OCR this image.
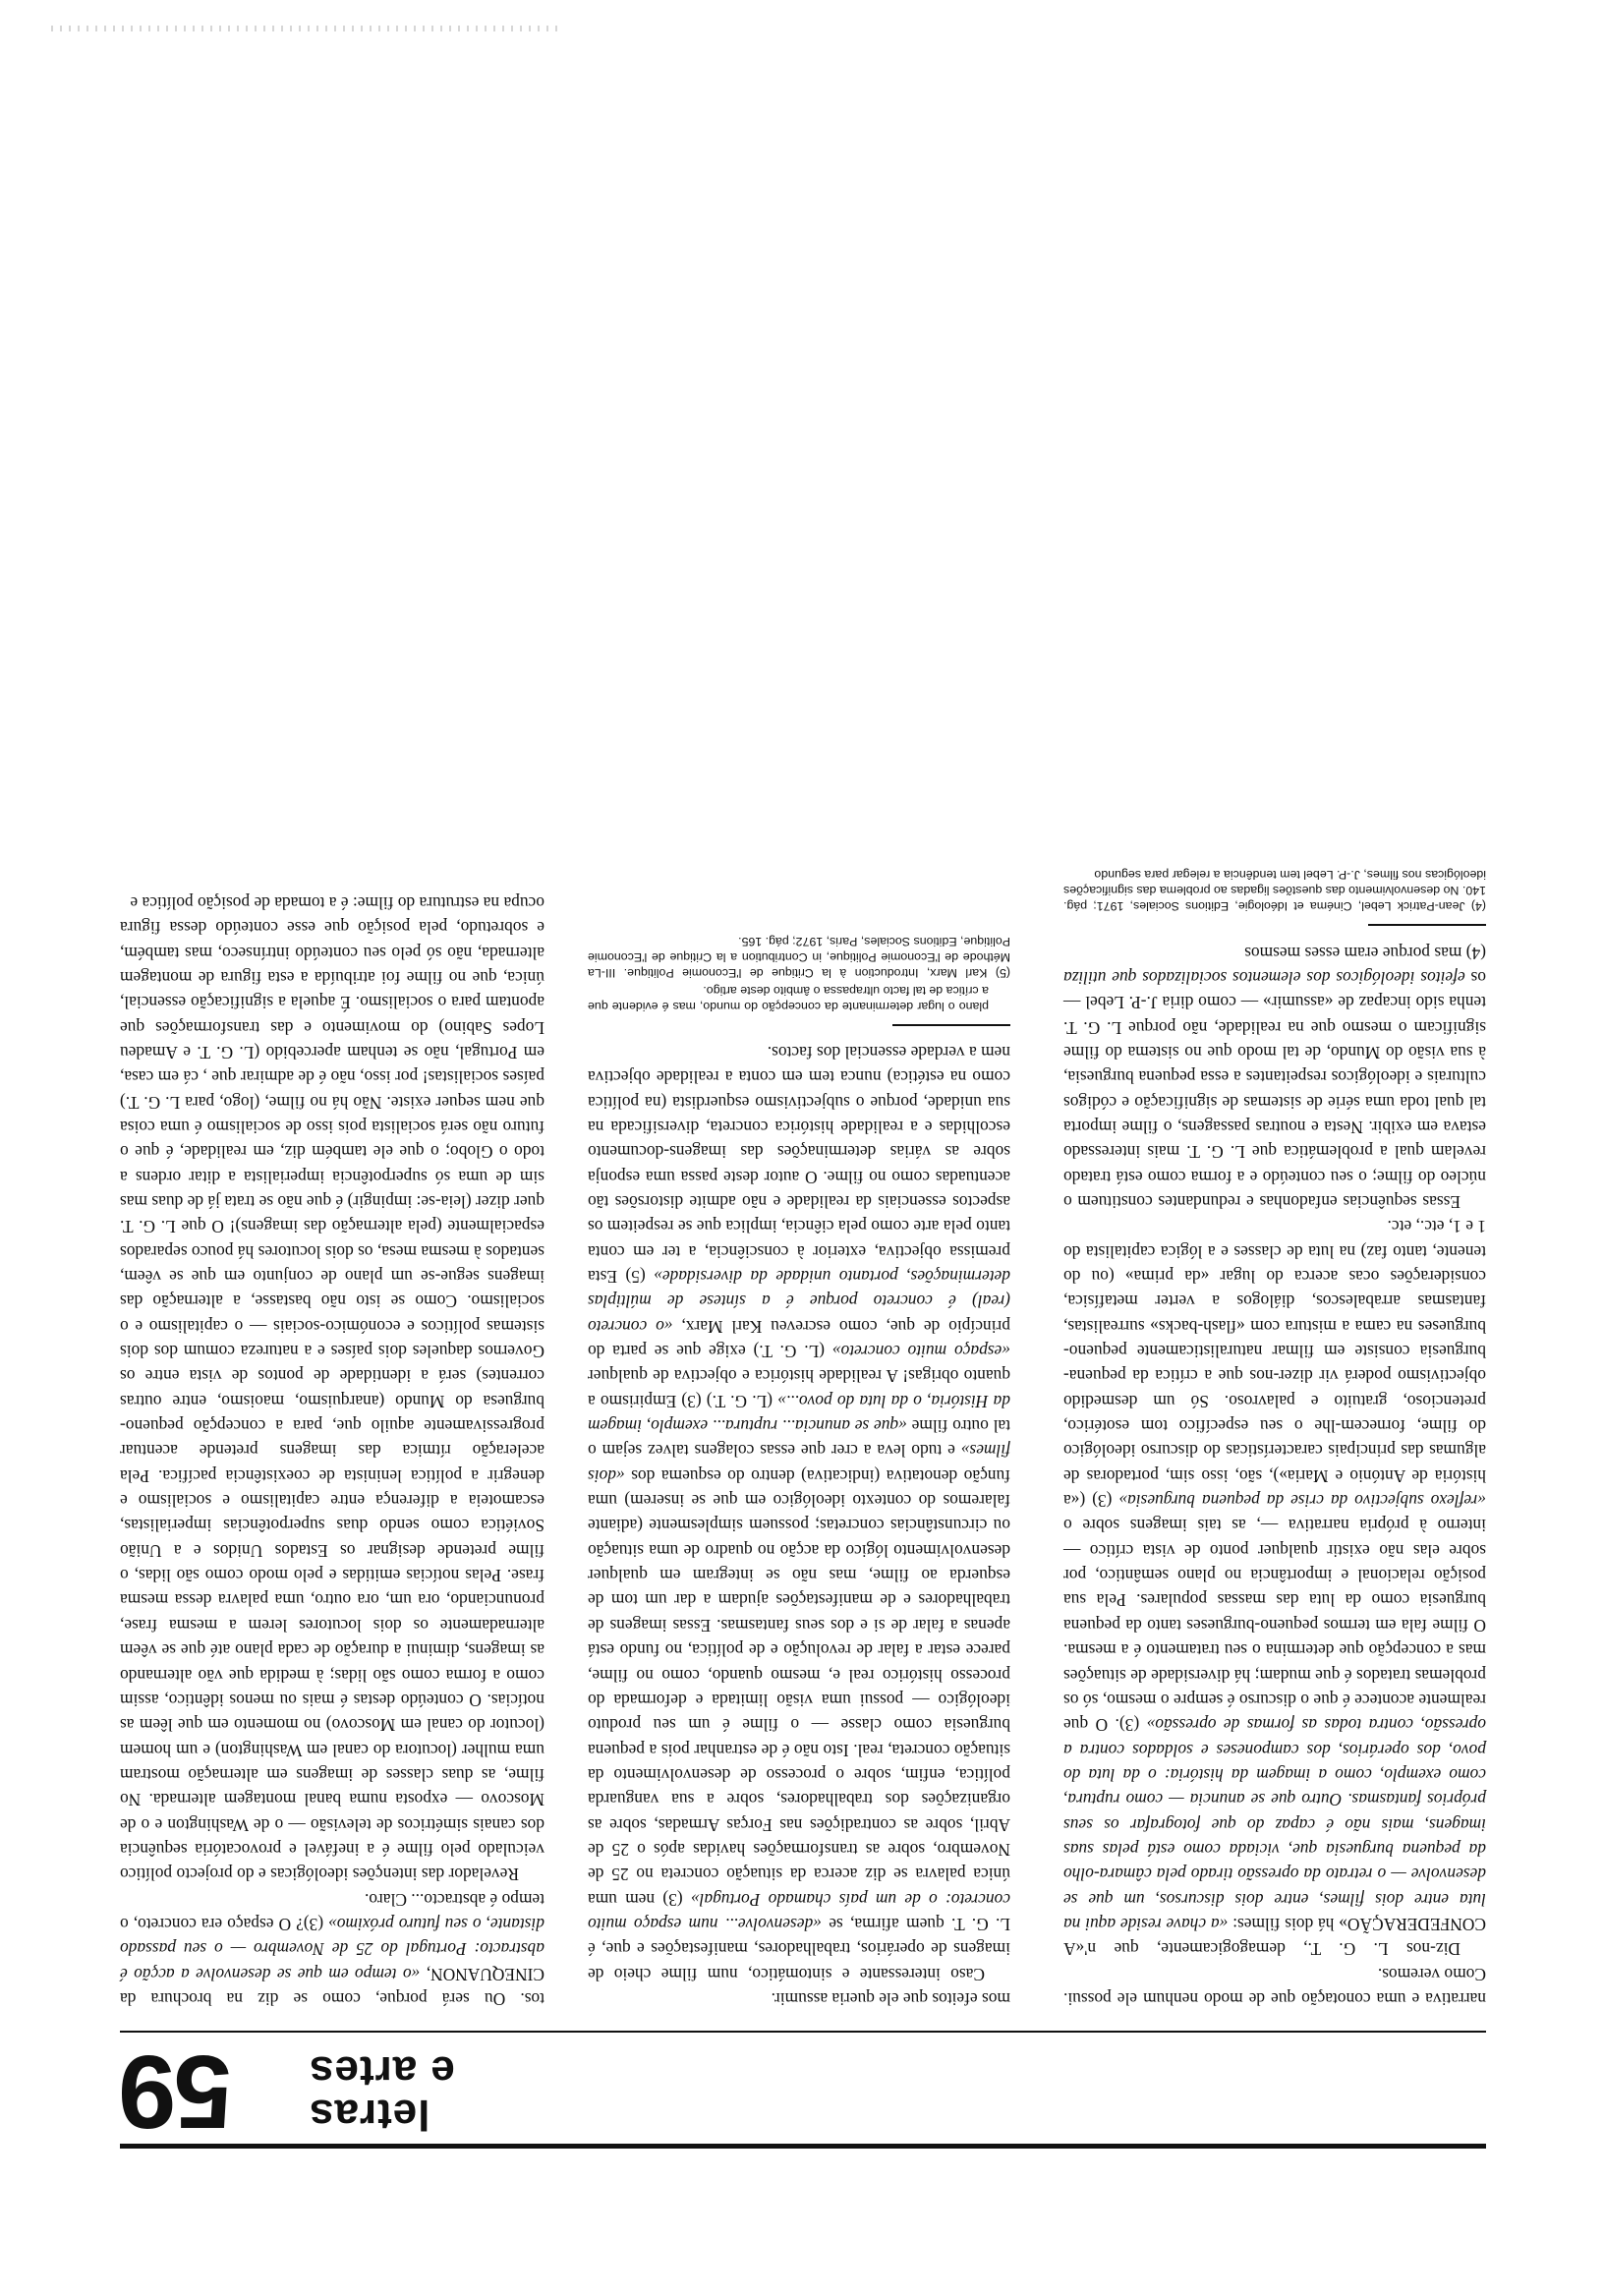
letras
e artes
59

narrativa e uma conotação que de modo nenhum ele possui. Como veremos.

Diz-nos L. G. T., demagogicamente, que n'«A CONFEDERAÇÃO» há dois filmes: «a chave reside aqui na luta entre dois filmes, entre dois discursos, um que se desenvolve — o retrato da opressão tirado pela câmara-olho da pequena burguesia que, viciada como está pelas suas imagens, mais não é capaz do que fotografar os seus próprios fantasmas. Outro que se anuncia — como ruptura, como exemplo, como a imagem da história: o da luta do povo, dos operários, dos camponeses e soldados contra a opressão, contra todas as formas de opressão» (3). O que realmente acontece é que o discurso é sempre o mesmo, só os problemas tratados é que mudam; há diversidade de situações mas a concepção que determina o seu tratamento é a mesma. O filme fala em termos pequeno-burgueses tanto da pequena burguesia como da luta das massas populares. Pela sua posição relacional e importância no plano semântico, por sobre elas não existir qualquer ponto de vista crítico — interno à própria narrativa —, as tais imagens sobre o «reflexo subjectivo da crise da pequena burguesia» (3) («a história de António e Maria»), são, isso sim, portadoras de algumas das principais características do discurso ideológico do filme, fornecem-lhe o seu específico tom esotérico, pretencioso, gratuito e palavroso. Só um desmedido objectivismo poderá vir dizer-nos que a crítica da pequena-burguesia consiste em filmar naturalisticamente pequeno-burgueses na cama a mistura com «flash-backs» surrealistas, fantasmas arrabalescos, diálogos a verter metafísica, considerações ocas acerca do lugar «da prima» (ou do tenente, tanto faz) na luta de classes e a lógica capitalista do 1 e 1, etc., etc.

Essas sequências enfadonhas e redundantes constituem o núcleo do filme; o seu conteúdo e a forma como está tratado revelam qual a problemática que L. G. T. mais interessado estava em exibir. Nesta e noutras passagens, o filme importa tal qual toda uma série de sistemas de significação e códigos culturais e ideológicos respeitantes a essa pequena burguesia, à sua visão do Mundo, de tal modo que no sistema do filme significam o mesmo que na realidade, não porque L. G. T. tenha sido incapaz de «assumir» — como diria J.-P. Lebel — os efeitos ideológicos dos elementos socializados que utiliza (4) mas porque eram esses mesmos

(4) Jean-Patrick Lebel, Cinéma et Idéologie, Editions Sociales, 1971; pág. 140. No desenvolvimento das questões ligadas ao problema das significações ideológicas nos filmes, J.-P. Lebel tem tendência a relegar para segundo

mos efeitos que ele queria assumir.

Caso interessante e sintomático, num filme cheio de imagens de operários, trabalhadores, manifestações e que, é L. G. T. quem afirma, se «desenvolve... num espaço muito concreto: o de um país chamado Portugal» (3) nem uma única palavra se diz acerca da situação concreta no 25 de Novembro, sobre as transformações havidas após o 25 de Abril, sobre as contradições nas Forças Armadas, sobre as organizações dos trabalhadores, sobre a sua vanguarda política, enfim, sobre o processo de desenvolvimento da situação concreta, real. Isto não é de estranhar pois a pequena burguesia como classe — o filme é um seu produto ideológico — possui uma visão limitada e deformada do processo histórico real e, mesmo quando, como no filme, parece estar a falar de revolução e de política, no fundo está apenas a falar de si e dos seus fantasmas. Essas imagens de trabalhadores e de manifestações ajudam a dar um tom de esquerda ao filme, mas não se integram em qualquer desenvolvimento lógico da acção no quadro de uma situação ou circunstâncias concretas; possuem simplesmente (adiante falaremos do contexto ideológico em que se inserem) uma função denotativa (indicativa) dentro do esquema dos «dois filmes» e tudo leva a crer que essas colagens talvez sejam o tal outro filme «que se anuncia... ruptura... exemplo, imagem da História, o da luta do povo...» (L. G. T.) (3) Empirismo a quanto obrigas! A realidade histórica e objectiva de qualquer «espaço muito concreto» (L. G. T.) exige que se parta do princípio de que, como escreveu Karl Marx, «o concreto (real) é concreto porque é a síntese de múltiplas determinações, portanto unidade da diversidade» (5) Esta premissa objectiva, exterior à consciência, a ter em conta tanto pela arte como pela ciência, implica que se respeitem os aspectos essenciais da realidade e não admite distorsões tão acentuadas como no filme. O autor deste passa uma esponja sobre as várias determinações das imagens-documento escolhidas e a realidade histórica concreta, diversificada na sua unidade, porque o subjectivismo esquerdista (na política como na estética) nunca tem em conta a realidade objectiva nem a verdade essencial dos factos.

plano o lugar determinante da concepção do mundo, mas é evidente que a crítica de tal facto ultrapassa o âmbito deste artigo.

(5) Karl Marx, Introduction à la Critique de l'Economie Politique. III-La Méthode de l'Economie Politique, in Contribution a la Critique de l'Economie Politique, Editions Sociales, Paris, 1972; pág. 165.

tos. Ou será porque, como se diz na brochura da CINEQUANON, «o tempo em que se desenvolve a acção é abstracto: Portugal do 25 de Novembro — o seu passado distante, o seu futuro próximo» (3)? O espaço era concreto, o tempo é abstracto... Claro.

Revelador das intenções ideológicas e do projecto político veiculado pelo filme é a inefável e provocatória sequência dos canais simétricos de televisão — o de Washington e o de Moscovo — exposta numa banal montagem alternada. No filme, as duas classes de imagens em alternação mostram uma mulher (locutora do canal em Washington) e um homem (locutor do canal em Moscovo) no momento em que lêem as notícias. O conteúdo destas é mais ou menos idêntico, assim como a forma como são lidas; à medida que vão alternando as imagens, diminui a duração de cada plano até que se vêem alternadamente os dois locutores lerem a mesma frase, pronunciando, ora um, ora outro, uma palavra dessa mesma frase. Pelas notícias emitidas e pelo modo como são lidas, o filme pretende designar os Estados Unidos e a União Soviética como sendo duas superpotências imperialistas, escamoteia a diferença entre capitalismo e socialismo e denegrir a política leninista de coexistência pacífica. Pela aceleração rítmica das imagens pretende acentuar progressivamente aquilo que, para a concepção pequeno-burguesa do Mundo (anarquismo, maoismo, entre outras correntes) será a identidade de pontos de vista entre os Governos daqueles dois países e a natureza comum dos dois sistemas políticos e económico-sociais — o capitalismo e o socialismo. Como se isto não bastasse, a alternação das imagens segue-se um plano de conjunto em que se vêem, sentados à mesma mesa, os dois locutores há pouco separados espacialmente (pela alternação das imagens)! O que L. G. T. quer dizer (leia-se: impingir) é que não se trata já de duas mas sim de uma só superpotência imperialista a ditar ordens a todo o Globo; o que ele também diz, em realidade, é que o futuro não será socialista pois isso de socialismo é uma coisa que nem sequer existe. Não há no filme, (logo, para L. G. T.) países socialistas! por isso, não é de admirar que , cá em casa, em Portugal, não se tenham apercebido (L. G. T. e Amadeu Lopes Sabino) do movimento e das transformações que apontam para o socialismo. É aquela a significação essencial, única, que no filme foi atribuída a esta figura de montagem alternada, não só pelo seu conteúdo intrínseco, mas também, e sobretudo, pela posição que esse conteúdo dessa figura ocupa na estrutura do filme: é a tomada de posição política e
